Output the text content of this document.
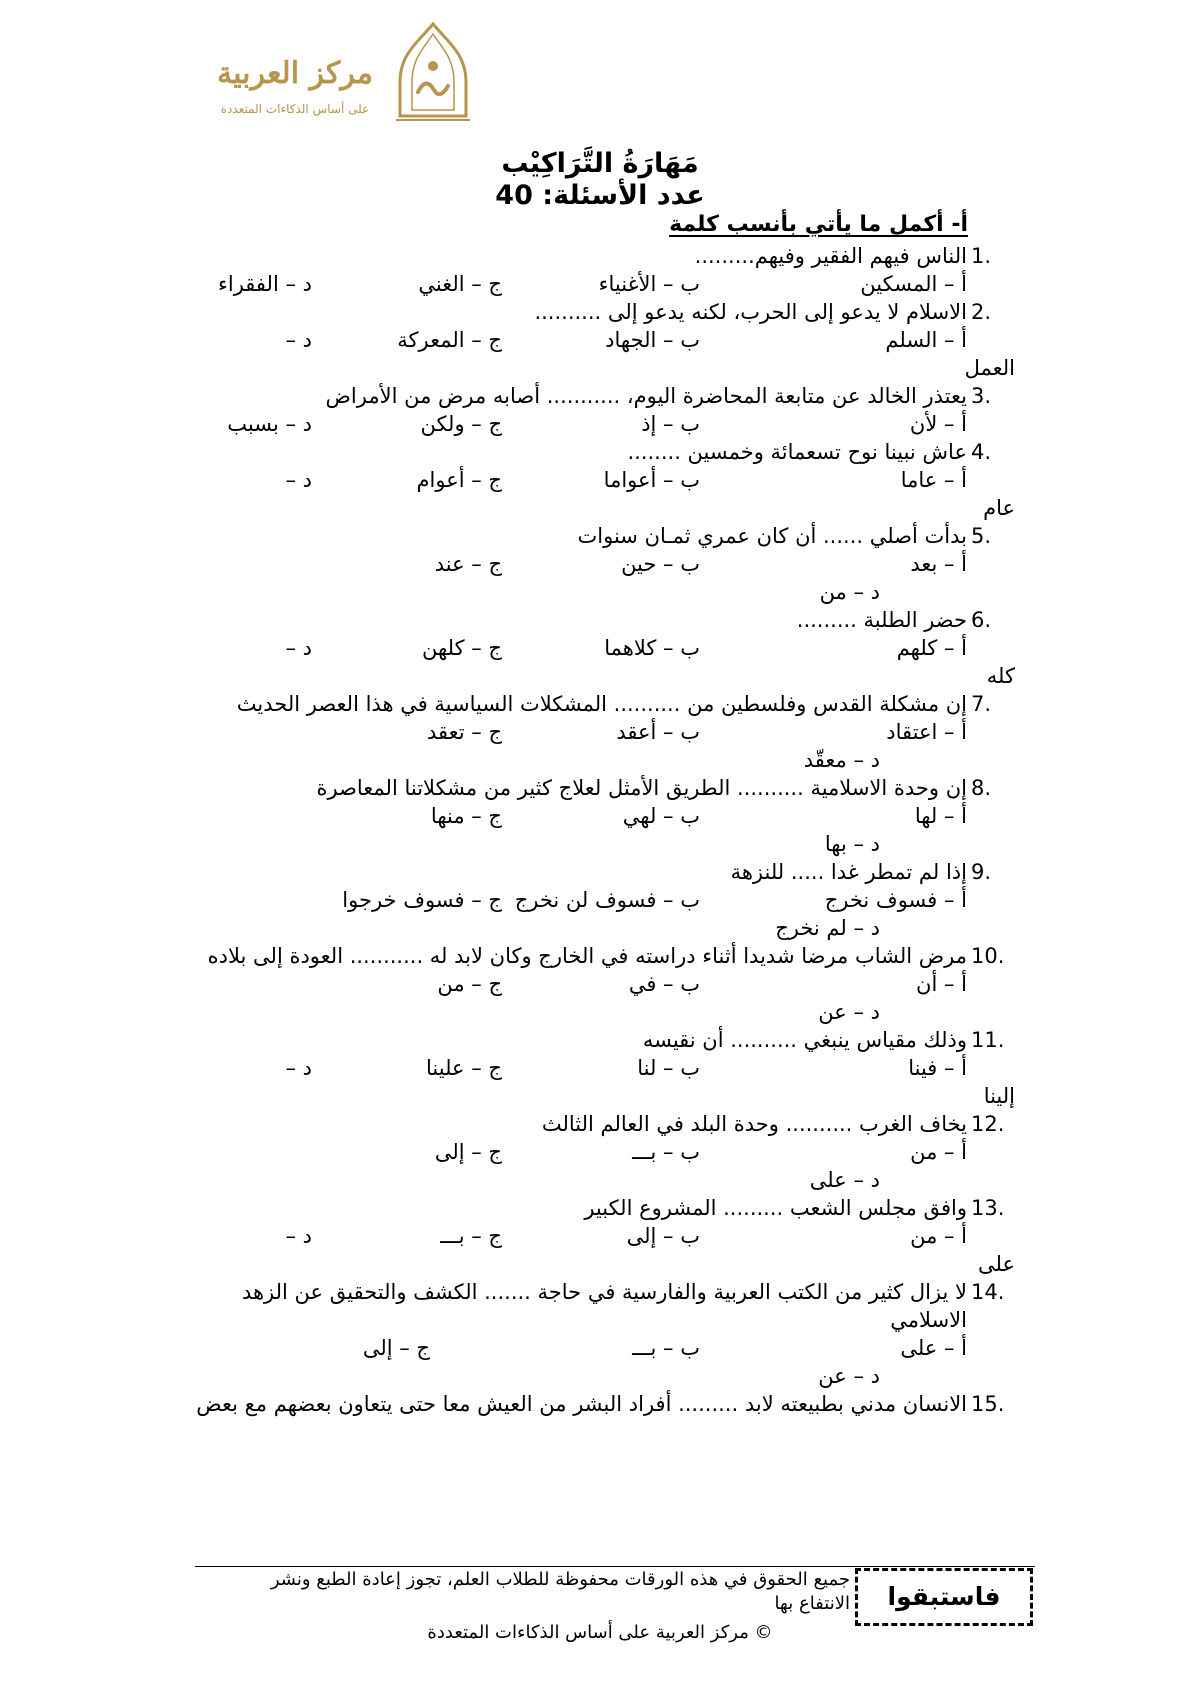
مركز العربية
على أساس الذكاءات المتعددة
مَهَارَةُ التَّرَاكِيْب
عدد الأسئلة: 40
أ- أكمل ما يأتي بأنسب كلمة
1.
الناس فيهم الفقير وفيهم.........
أ – المسكين
ب – الأغنياء
ج – الغني
د – الفقراء
2.
الاسلام لا يدعو إلى الحرب، لكنه يدعو إلى ..........
أ – السلم
ب – الجهاد
ج – المعركة
د –
العمل
3.
يعتذر الخالد عن متابعة المحاضرة اليوم، ........... أصابه مرض من الأمراض
أ – لأن
ب – إذ
ج – ولكن
د – بسبب
4.
عاش نبينا نوح تسعمائة وخمسين ........
أ – عاما
ب – أعواما
ج – أعوام
د –
عام
5.
بدأت أصلي ...... أن كان عمري ثمـان سنوات
أ – بعد
ب – حين
ج – عند
د – من
6.
حضر الطلبة .........
أ – كلهم
ب – كلاهما
ج – كلهن
د –
كله
7.
إن مشكلة القدس وفلسطين من .......... المشكلات السياسية في هذا العصر الحديث
أ – اعتقاد
ب – أعقد
ج – تعقد
د – معقّد
8.
إن وحدة الاسلامية .......... الطريق الأمثل لعلاج كثير من مشكلاتنا المعاصرة
أ – لها
ب – لهي
ج – منها
د – بها
9.
إذا لم تمطر غدا ..... للنزهة
أ – فسوف نخرج
ب – فسوف لن نخرج
ج – فسوف خرجوا
د – لم نخرج
10.
مرض الشاب مرضا شديدا أثناء دراسته في الخارج وكان لابد له ........... العودة إلى بلاده
أ – أن
ب – في
ج – من
د – عن
11.
وذلك مقياس ينبغي .......... أن نقيسه
أ – فينا
ب – لنا
ج – علينا
د –
إلينا
12.
يخاف الغرب .......... وحدة البلد في العالم الثالث
أ – من
ب – بـــ
ج – إلى
د – على
13.
وافق مجلس الشعب ......... المشروع الكبير
أ – من
ب – إلى
ج – بـــ
د –
على
14.
لا يزال كثير من الكتب العربية والفارسية في حاجة ....... الكشف والتحقيق عن الزهد الاسلامي
أ – على
ب – بـــ
ج – إلى
د – عن
15.
الانسان مدني بطبيعته لابد ......... أفراد البشر من العيش معا حتى يتعاون بعضهم مع بعض
فاستبقوا
جميع الحقوق في هذه الورقات محفوظة للطلاب العلم، تجوز إعادة الطبع ونشر الانتفاع بها
© مركز العربية على أساس الذكاءات المتعددة
